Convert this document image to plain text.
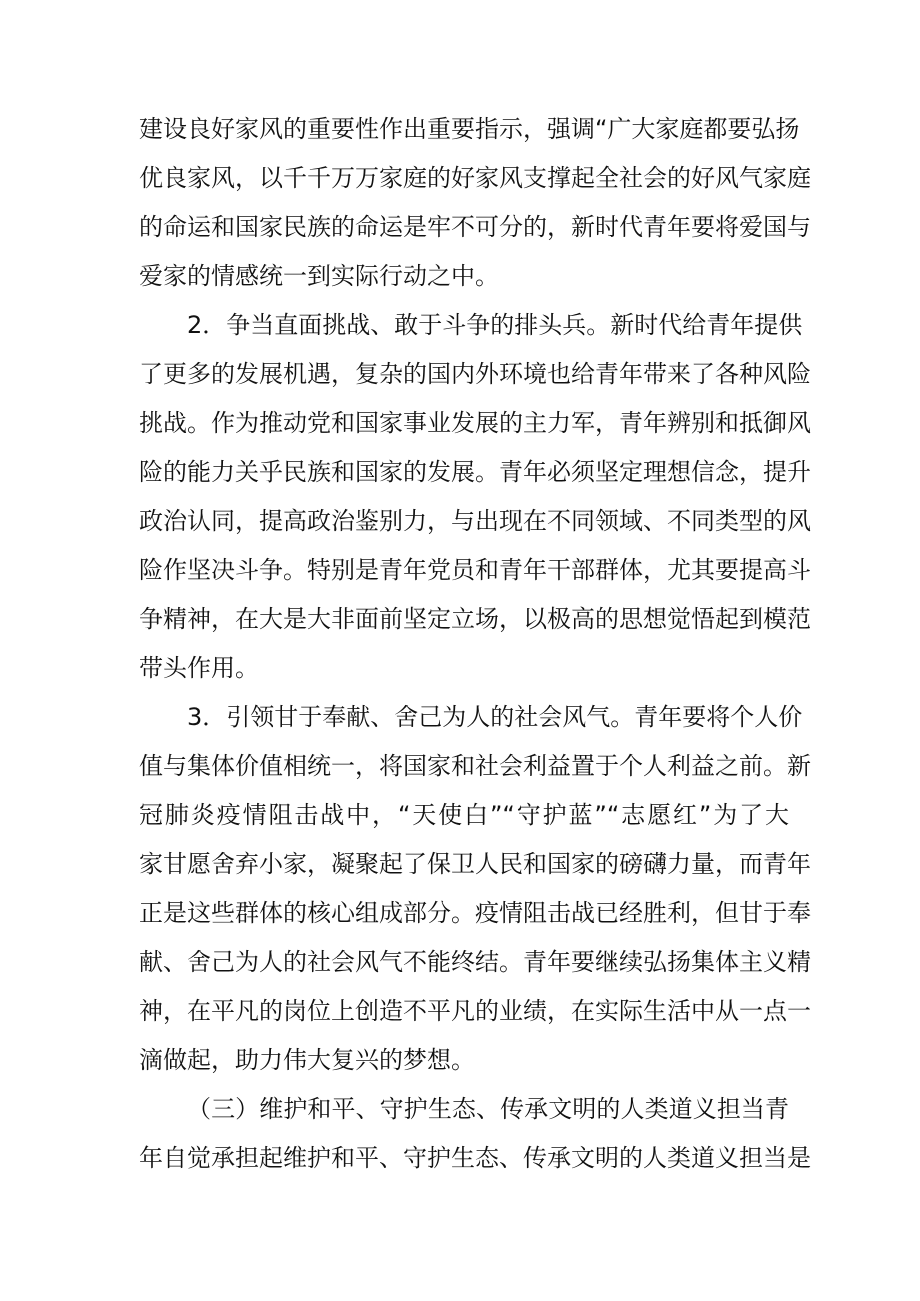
建设良好家风的重要性作出重要指示，强调“广大家庭都要弘扬
优良家风，以千千万万家庭的好家风支撑起全社会的好风气家庭
的命运和国家民族的命运是牢不可分的，新时代青年要将爱国与
爱家的情感统一到实际行动之中。
2．争当直面挑战、敢于斗争的排头兵。新时代给青年提供
了更多的发展机遇，复杂的国内外环境也给青年带来了各种风险
挑战。作为推动党和国家事业发展的主力军，青年辨别和抵御风
险的能力关乎民族和国家的发展。青年必须坚定理想信念，提升
政治认同，提高政治鉴别力，与出现在不同领域、不同类型的风
险作坚决斗争。特别是青年党员和青年干部群体，尤其要提高斗
争精神，在大是大非面前坚定立场，以极高的思想觉悟起到模范
带头作用。
3．引领甘于奉献、舍己为人的社会风气。青年要将个人价
值与集体价值相统一，将国家和社会利益置于个人利益之前。新
冠肺炎疫情阻击战中，“天使白”“守护蓝”“志愿红”为了大
家甘愿舍弃小家，凝聚起了保卫人民和国家的磅礴力量，而青年
正是这些群体的核心组成部分。疫情阻击战已经胜利，但甘于奉
献、舍己为人的社会风气不能终结。青年要继续弘扬集体主义精
神，在平凡的岗位上创造不平凡的业绩，在实际生活中从一点一
滴做起，助力伟大复兴的梦想。
（三）维护和平、守护生态、传承文明的人类道义担当青
年自觉承担起维护和平、守护生态、传承文明的人类道义担当是
